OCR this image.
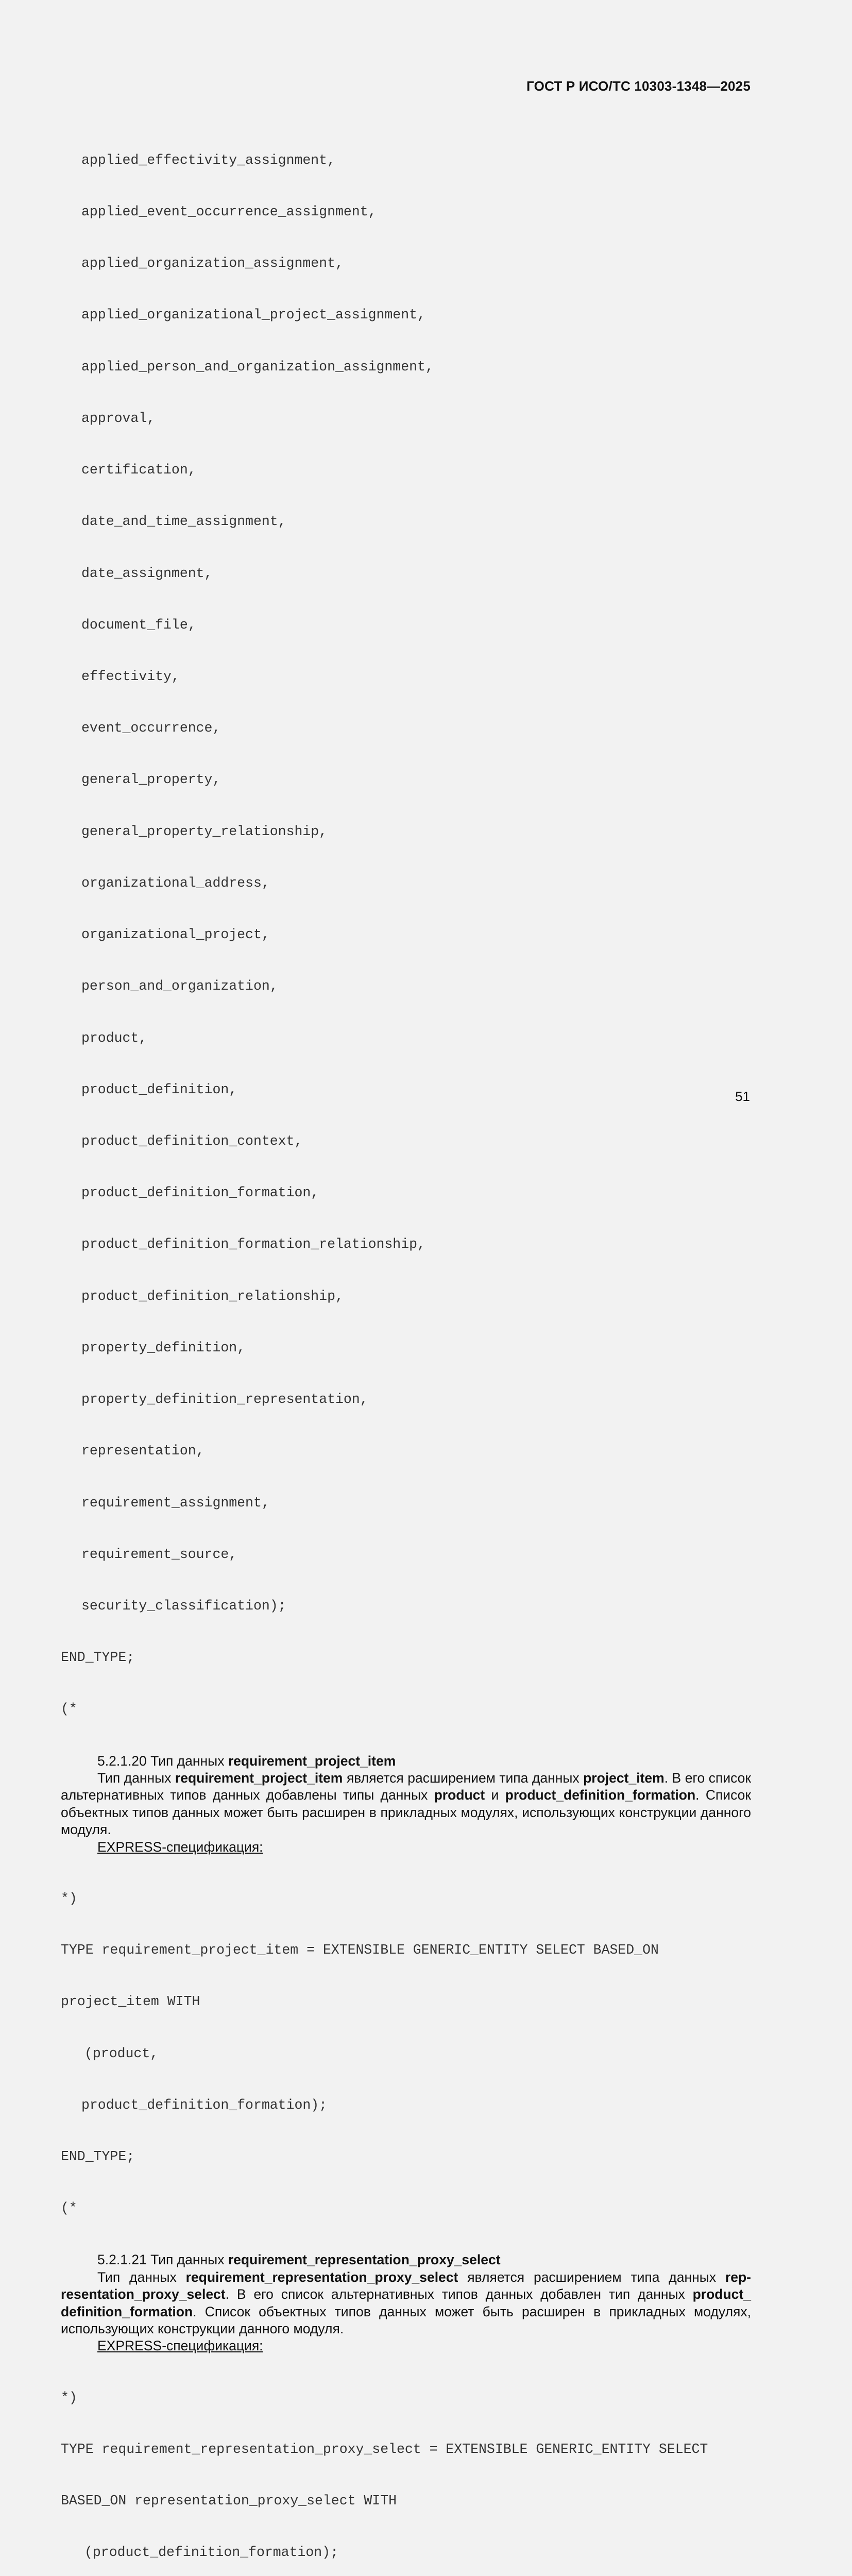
ГОСТ Р ИСО/ТС 10303-1348—2025

applied_effectivity_assignment,

applied_event_occurrence_assignment,

applied_organization_assignment,

applied_organizational_project_assignment,

applied_person_and_organization_assignment,

approval,

certification,

date_and_time_assignment,

date_assignment,

document_file,

effectivity,

event_occurrence,

general_property,

general_property_relationship,

organizational_address,

organizational_project,

person_and_organization,

product,

product_definition,

product_definition_context,

product_definition_formation,

product_definition_formation_relationship,

product_definition_relationship,

property_definition,

property_definition_representation,

representation,

requirement_assignment,

requirement_source,

security_classification);

END_TYPE;

(*

5.2.1.20 Тип данных requirement_project_item

Тип данных requirement_project_item является расширением типа данных project_item. В его список альтернативных типов данных добавлены типы данных product и product_definition_formation. Список объектных типов данных может быть расширен в прикладных модулях, использующих конструкции данного модуля.

EXPRESS-спецификация:

*)

TYPE requirement_project_item = EXTENSIBLE GENERIC_ENTITY SELECT BASED_ON

project_item WITH

(product,

product_definition_formation);

END_TYPE;

(*

5.2.1.21 Тип данных requirement_representation_proxy_select

Тип данных requirement_representation_proxy_select является расширением типа данных rep-resentation_proxy_select. В его список альтернативных типов данных добавлен тип данных product_ definition_formation. Список объектных типов данных может быть расширен в прикладных модулях, использующих конструкции данного модуля.

EXPRESS-спецификация:

*)

TYPE requirement_representation_proxy_select = EXTENSIBLE GENERIC_ENTITY SELECT

BASED_ON representation_proxy_select WITH

(product_definition_formation);

51
